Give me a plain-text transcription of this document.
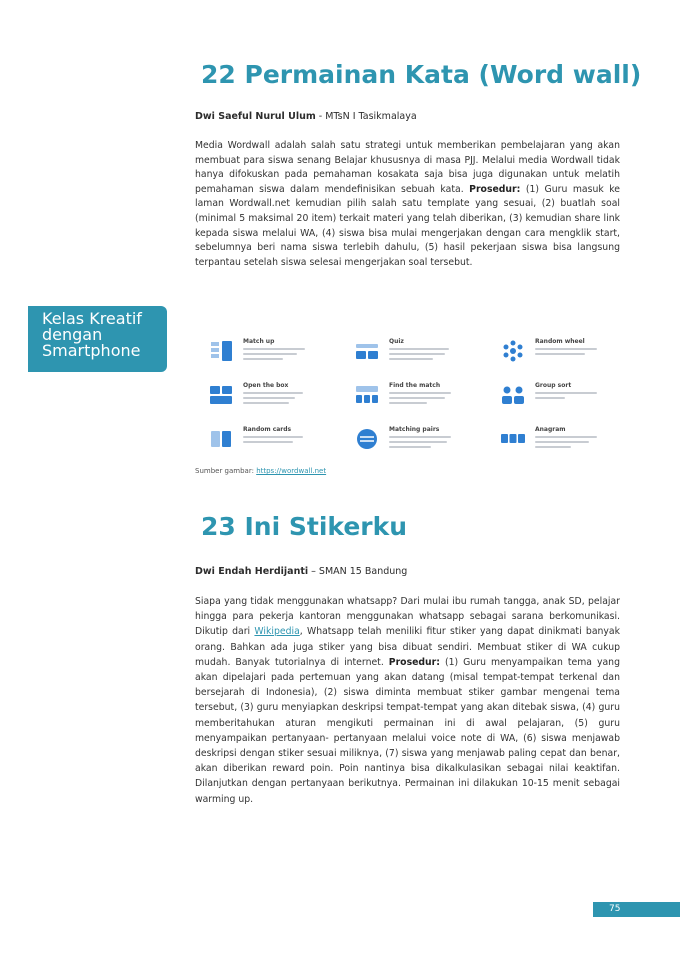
Kelas Kreatif
dengan
Smartphone
22 Permainan Kata (Word wall)
Dwi Saeful Nurul Ulum - MTsN I Tasikmalaya

Media Wordwall adalah salah satu strategi untuk memberikan pembelajaran yang akan membuat para siswa senang Belajar khususnya di masa PJJ. Melalui media Wordwall tidak hanya difokuskan pada pemahaman kosakata saja bisa juga digunakan untuk melatih pemahaman siswa dalam mendefinisikan sebuah kata. Prosedur: (1) Guru masuk ke laman Wordwall.net kemudian pilih salah satu template yang sesuai, (2) buatlah soal (minimal 5 maksimal 20 item) terkait materi yang telah diberikan, (3) kemudian share link kepada siswa melalui WA, (4) siswa bisa mulai mengerjakan dengan cara mengklik start, sebelumnya beri nama siswa terlebih dahulu, (5) hasil pekerjaan siswa bisa langsung terpantau setelah siswa selesai mengerjakan soal tersebut.

Match up	Quiz	Random wheel
Open the box	Find the match	Group sort
Random cards	Matching pairs	Anagram
Sumber gambar: https://wordwall.net
23 Ini Stikerku
Dwi Endah Herdijanti – SMAN 15 Bandung

Siapa yang tidak menggunakan whatsapp? Dari mulai ibu rumah tangga, anak SD, pelajar hingga para pekerja kantoran menggunakan whatsapp sebagai sarana berkomunikasi. Dikutip dari Wikipedia, Whatsapp telah meniliki fitur stiker yang dapat dinikmati banyak orang. Bahkan ada juga stiker yang bisa dibuat sendiri. Membuat stiker di WA cukup mudah. Banyak tutorialnya di internet. Prosedur: (1) Guru menyampaikan tema yang akan dipelajari pada pertemuan yang akan datang (misal tempat-tempat terkenal dan bersejarah di Indonesia), (2) siswa diminta membuat stiker gambar mengenai tema tersebut, (3) guru menyiapkan deskripsi tempat-tempat yang akan ditebak siswa, (4) guru memberitahukan aturan mengikuti permainan ini di awal pelajaran, (5) guru menyampaikan pertanyaan- pertanyaan melalui voice note di WA, (6) siswa menjawab deskripsi dengan stiker sesuai miliknya, (7) siswa yang menjawab paling cepat dan benar, akan diberikan reward poin. Poin nantinya bisa dikalkulasikan sebagai nilai keaktifan. Dilanjutkan dengan pertanyaan berikutnya. Permainan ini dilakukan 10-15 menit sebagai warming up.

75
